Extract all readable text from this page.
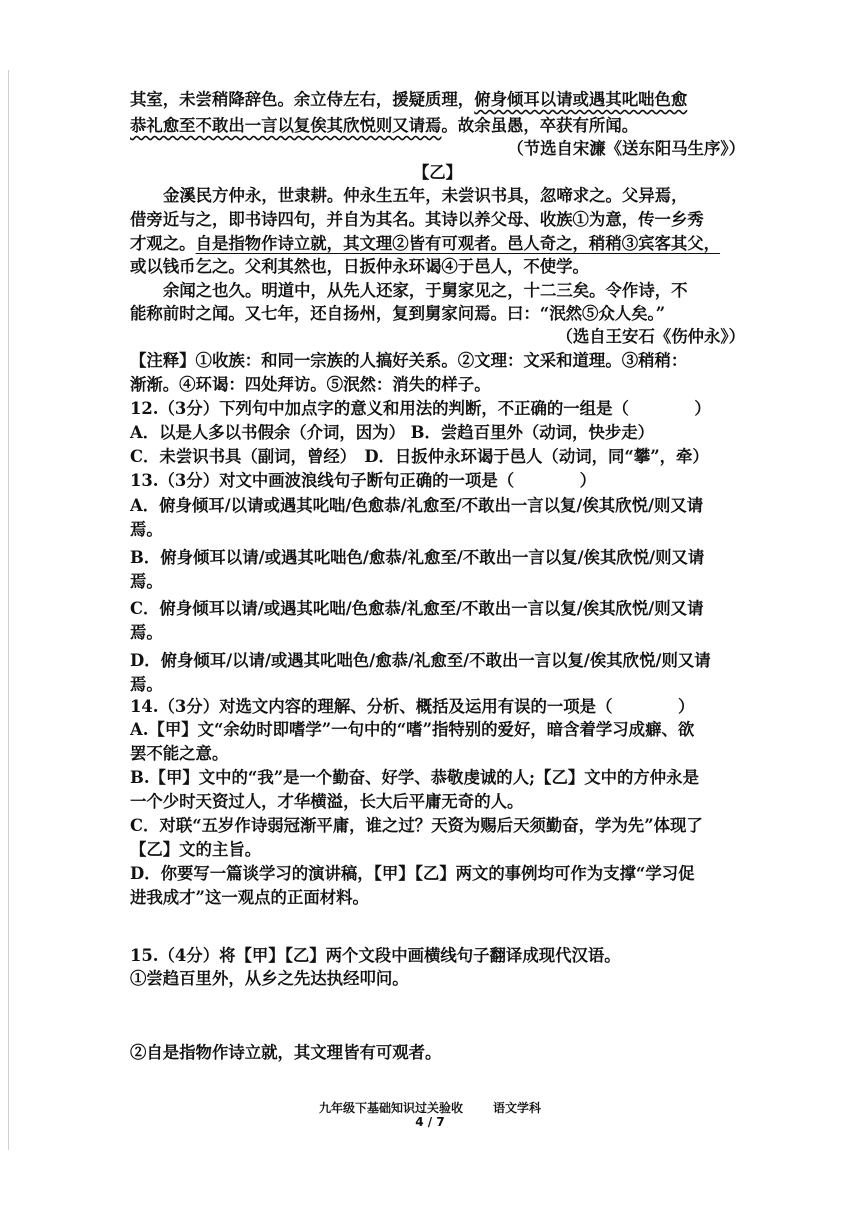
其室，未尝稍降辞色。余立侍左右，援疑质理，俯身倾耳以请或遇其叱咄色愈
恭礼愈至不敢出一言以复俟其欣悦则又请焉。故余虽愚，卒获有所闻。
（节选自宋濂《送东阳马生序》）
【乙】
金溪民方仲永，世隶耕。仲永生五年，未尝识书具，忽啼求之。父异焉，
借旁近与之，即书诗四句，并自为其名。其诗以养父母、收族①为意，传一乡秀
才观之。自是指物作诗立就，其文理②皆有可观者。邑人奇之，稍稍③宾客其父，
或以钱币乞之。父利其然也，日扳仲永环谒④于邑人，不使学。
余闻之也久。明道中，从先人还家，于舅家见之，十二三矣。令作诗，不
能称前时之闻。又七年，还自扬州，复到舅家问焉。曰：“泯然⑤众人矣。”
（选自王安石《伤仲永》）
【注释】①收族：和同一宗族的人搞好关系。②文理：文采和道理。③稍稍：
渐渐。④环谒：四处拜访。⑤泯然：消失的样子。
12.（3分）下列句中加点字的意义和用法的判断，不正确的一组是（　　　　）
A．以是人多以书假余（介词，因为） B．尝趋百里外（动词，快步走）
C．未尝识书具（副词，曾经）　D．日扳仲永环谒于邑人（动词，同“攀”，牵）
13.（3分）对文中画波浪线句子断句正确的一项是（　　　　）
A．俯身倾耳/以请或遇其叱咄/色愈恭/礼愈至/不敢出一言以复/俟其欣悦/则又请
焉。
B．俯身倾耳以请/或遇其叱咄色/愈恭/礼愈至/不敢出一言以复/俟其欣悦/则又请
焉。
C．俯身倾耳以请/或遇其叱咄/色愈恭/礼愈至/不敢出一言以复/俟其欣悦/则又请
焉。
D．俯身倾耳/以请/或遇其叱咄色/愈恭/礼愈至/不敢出一言以复/俟其欣悦/则又请
焉。
14.（3分）对选文内容的理解、分析、概括及运用有误的一项是（　　　　）
A.【甲】文“余幼时即嗜学”一句中的“嗜”指特别的爱好，暗含着学习成癖、欲
罢不能之意。
B.【甲】文中的“我”是一个勤奋、好学、恭敬虔诚的人;【乙】文中的方仲永是
一个少时天资过人，才华横溢，长大后平庸无奇的人。
C．对联“五岁作诗弱冠渐平庸，谁之过？天资为赐后天须勤奋，学为先”体现了
【乙】文的主旨。
D．你要写一篇谈学习的演讲稿，【甲】【乙】两文的事例均可作为支撑“学习促
进我成才”这一观点的正面材料。
15.（4分）将【甲】【乙】两个文段中画横线句子翻译成现代汉语。
①尝趋百里外，从乡之先达执经叩问。
②自是指物作诗立就，其文理皆有可观者。
九年级下基础知识过关验收	语文学科
4 / 7
